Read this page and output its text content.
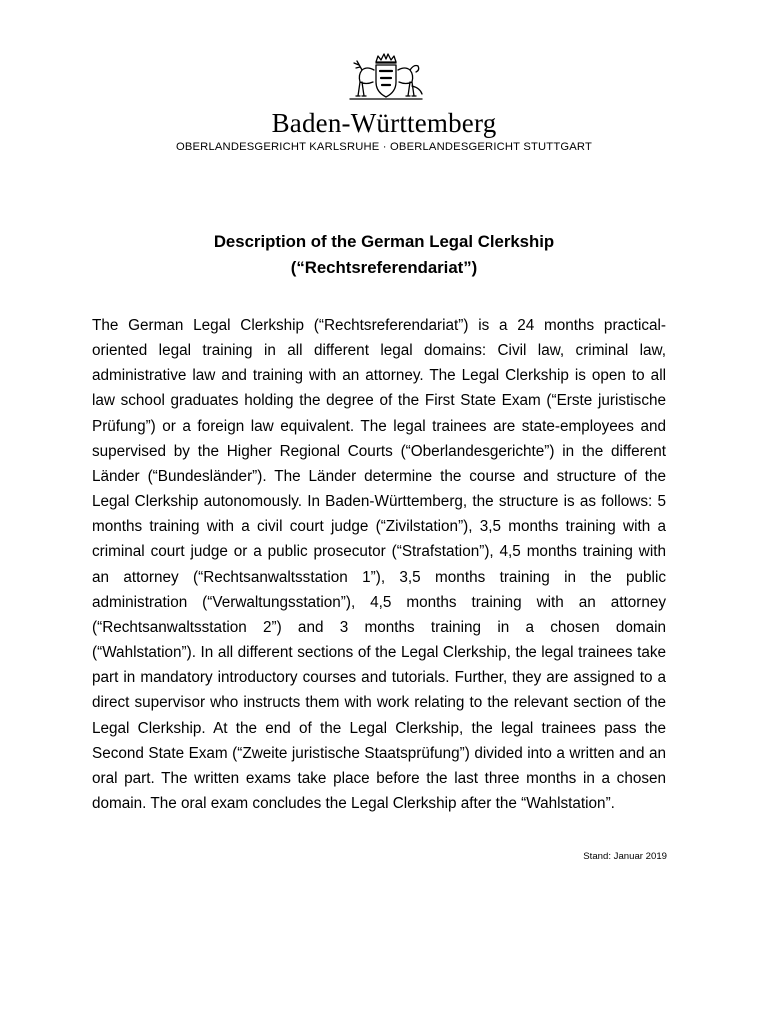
Baden-Württemberg
OBERLANDESGERICHT KARLSRUHE · OBERLANDESGERICHT STUTTGART
Description of the German Legal Clerkship
(“Rechtsreferendariat”)

The German Legal Clerkship (“Rechtsreferendariat”) is a 24 months practical-oriented legal training in all different legal domains: Civil law, criminal law, administrative law and training with an attorney. The Legal Clerkship is open to all law school graduates holding the degree of the First State Exam (“Erste juristische Prüfung”) or a foreign law equivalent. The legal trainees are state-employees and supervised by the Higher Regional Courts (“Oberlandesgerichte”) in the different Länder (“Bundesländer”). The Länder determine the course and structure of the Legal Clerkship autonomously. In Baden-Württemberg, the structure is as follows: 5 months training with a civil court judge (“Zivilstation”), 3,5 months training with a criminal court judge or a public prosecutor (“Strafstation”), 4,5 months training with an attorney (“Rechtsanwaltsstation 1”), 3,5 months training in the public administration (“Verwaltungsstation”), 4,5 months training with an attorney (“Rechtsanwaltsstation 2”) and 3 months training in a chosen domain (“Wahlstation”). In all different sections of the Legal Clerkship, the legal trainees take part in mandatory introductory courses and tutorials. Further, they are assigned to a direct supervisor who instructs them with work relating to the relevant section of the Legal Clerkship. At the end of the Legal Clerkship, the legal trainees pass the Second State Exam (“Zweite juristische Staatsprüfung”) divided into a written and an oral part. The written exams take place before the last three months in a chosen domain. The oral exam concludes the Legal Clerkship after the “Wahlstation”.

Stand: Januar 2019
